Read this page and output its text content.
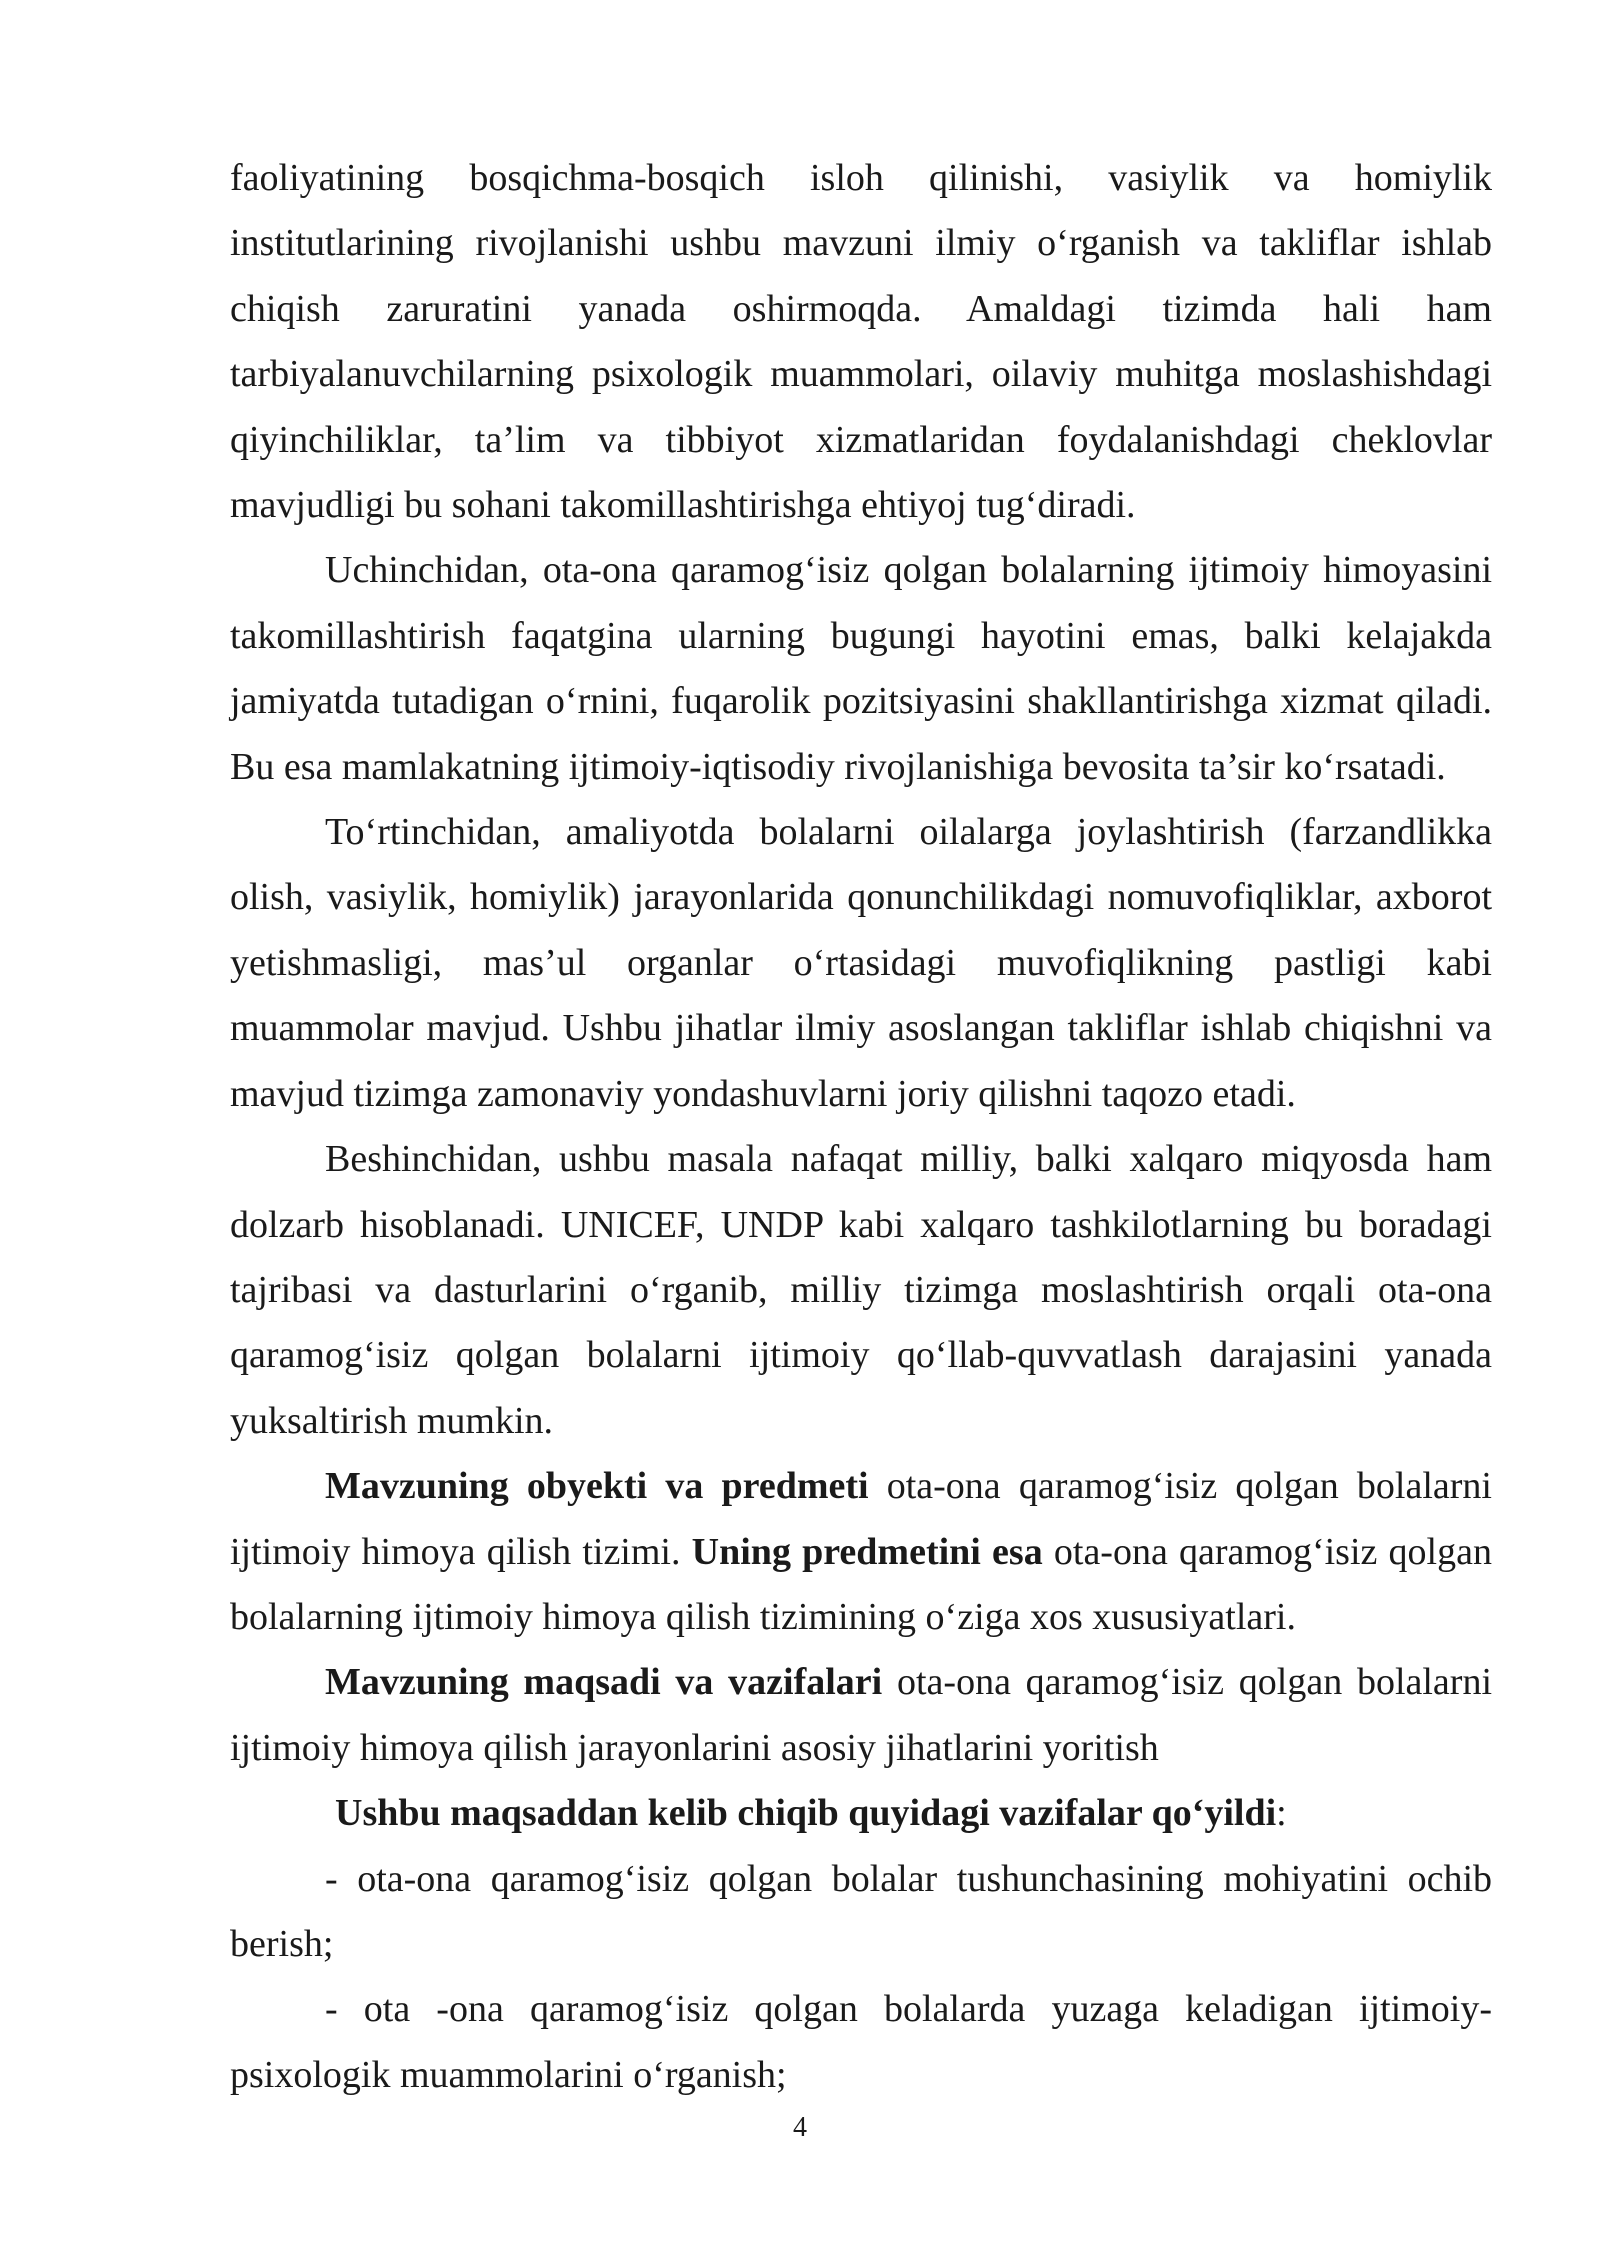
faoliyatining bosqichma-bosqich isloh qilinishi, vasiylik va homiylik institutlarining rivojlanishi ushbu mavzuni ilmiy o‘rganish va takliflar ishlab chiqish zaruratini yanada oshirmoqda. Amaldagi tizimda hali ham tarbiyalanuvchilarning psixologik muammolari, oilaviy muhitga moslashishdagi qiyinchiliklar, ta’lim va tibbiyot xizmatlaridan foydalanishdagi cheklovlar mavjudligi bu sohani takomillashtirishga ehtiyoj tug‘diradi.

Uchinchidan, ota-ona qaramog‘isiz qolgan bolalarning ijtimoiy himoyasini takomillashtirish faqatgina ularning bugungi hayotini emas, balki kelajakda jamiyatda tutadigan o‘rnini, fuqarolik pozitsiyasini shakllantirishga xizmat qiladi. Bu esa mamlakatning ijtimoiy-iqtisodiy rivojlanishiga bevosita ta’sir ko‘rsatadi.

To‘rtinchidan, amaliyotda bolalarni oilalarga joylashtirish (farzandlikka olish, vasiylik, homiylik) jarayonlarida qonunchilikdagi nomuvofiqliklar, axborot yetishmasligi, mas’ul organlar o‘rtasidagi muvofiqlikning pastligi kabi muammolar mavjud. Ushbu jihatlar ilmiy asoslangan takliflar ishlab chiqishni va mavjud tizimga zamonaviy yondashuvlarni joriy qilishni taqozo etadi.

Beshinchidan, ushbu masala nafaqat milliy, balki xalqaro miqyosda ham dolzarb hisoblanadi. UNICEF, UNDP kabi xalqaro tashkilotlarning bu boradagi tajribasi va dasturlarini o‘rganib, milliy tizimga moslashtirish orqali ota-ona qaramog‘isiz qolgan bolalarni ijtimoiy qo‘llab-quvvatlash darajasini yanada yuksaltirish mumkin.

Mavzuning obyekti va predmeti ota-ona qaramog‘isiz qolgan bolalarni ijtimoiy himoya qilish tizimi. Uning predmetini esa ota-ona qaramog‘isiz qolgan bolalarning ijtimoiy himoya qilish tizimining o‘ziga xos xususiyatlari.

Mavzuning maqsadi va vazifalari ota-ona qaramog‘isiz qolgan bolalarni ijtimoiy himoya qilish jarayonlarini asosiy jihatlarini yoritish

Ushbu maqsaddan kelib chiqib quyidagi vazifalar qo‘yildi:

- ota-ona qaramog‘isiz qolgan bolalar tushunchasining mohiyatini ochib berish;

- ota -ona qaramog‘isiz qolgan bolalarda yuzaga keladigan ijtimoiy-psixologik muammolarini o‘rganish;

4
